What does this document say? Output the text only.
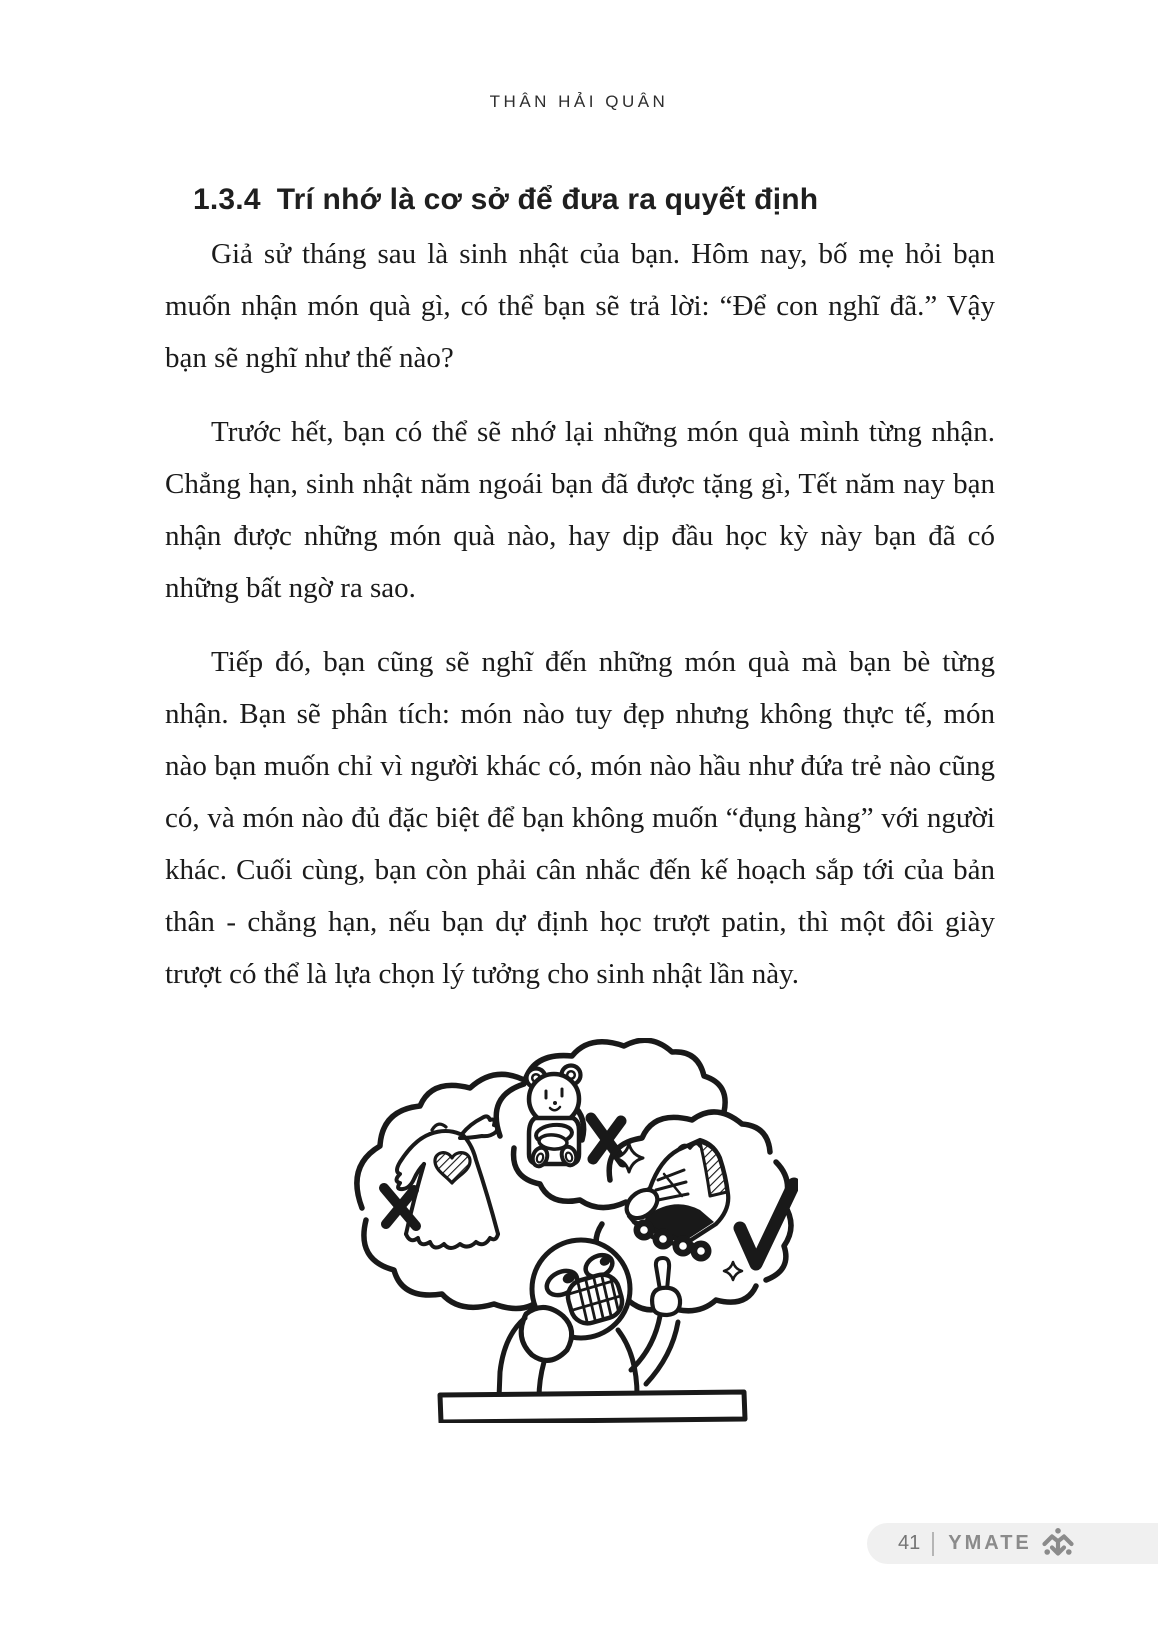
THÂN HẢI QUÂN
1.3.4 Trí nhớ là cơ sở để đưa ra quyết định

Giả sử tháng sau là sinh nhật của bạn. Hôm nay, bố mẹ hỏi bạn muốn nhận món quà gì, có thể bạn sẽ trả lời: “Để con nghĩ đã.” Vậy bạn sẽ nghĩ như thế nào?

Trước hết, bạn có thể sẽ nhớ lại những món quà mình từng nhận. Chẳng hạn, sinh nhật năm ngoái bạn đã được tặng gì, Tết năm nay bạn nhận được những món quà nào, hay dịp đầu học kỳ này bạn đã có những bất ngờ ra sao.

Tiếp đó, bạn cũng sẽ nghĩ đến những món quà mà bạn bè từng nhận. Bạn sẽ phân tích: món nào tuy đẹp nhưng không thực tế, món nào bạn muốn chỉ vì người khác có, món nào hầu như đứa trẻ nào cũng có, và món nào đủ đặc biệt để bạn không muốn “đụng hàng” với người khác. Cuối cùng, bạn còn phải cân nhắc đến kế hoạch sắp tới của bản thân - chẳng hạn, nếu bạn dự định học trượt patin, thì một đôi giày trượt có thể là lựa chọn lý tưởng cho sinh nhật lần này.

41 YMATE
